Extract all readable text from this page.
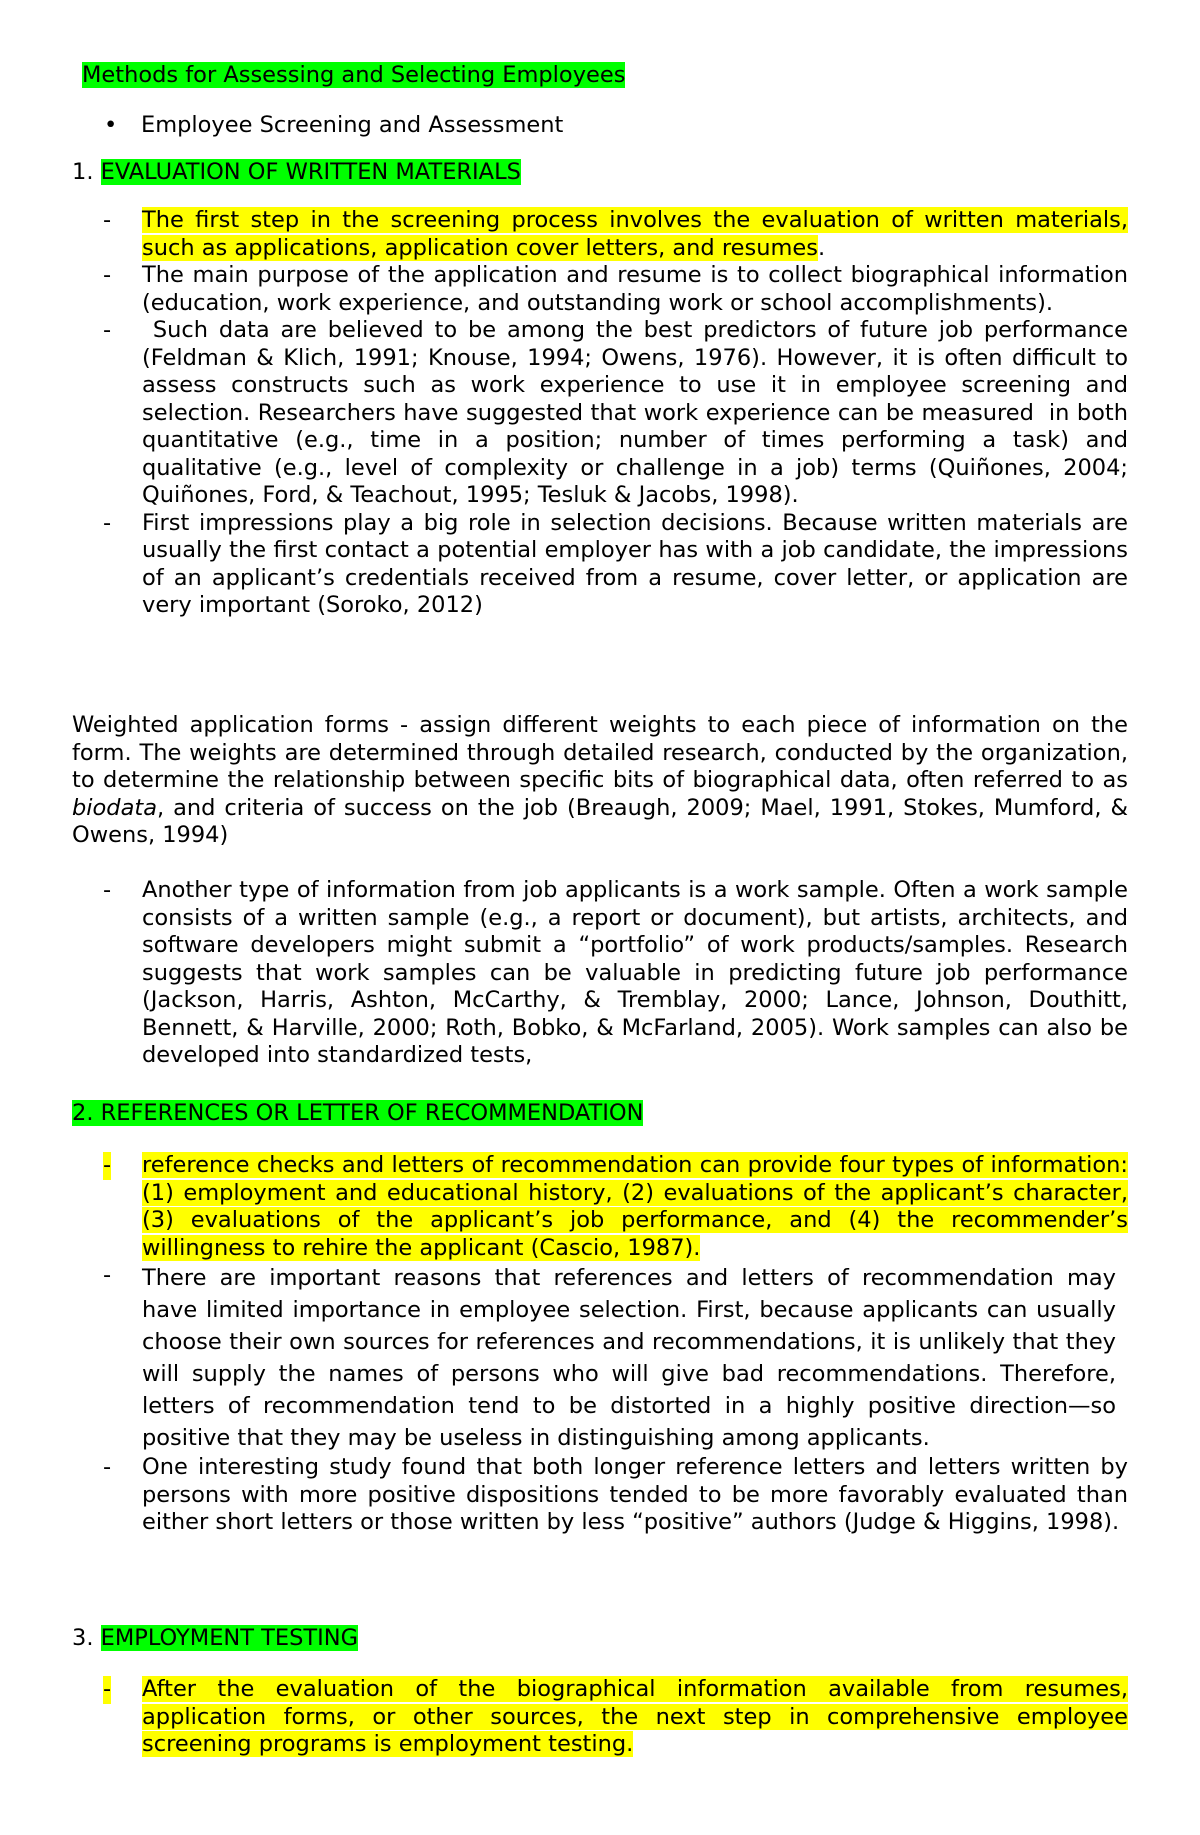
Methods for Assessing and Selecting Employees
• Employee Screening and Assessment
1. EVALUATION OF WRITTEN MATERIALS

- The first step in the screening process involves the evaluation of written materials, such as applications, application cover letters, and resumes.

- The main purpose of the application and resume is to collect biographical information (education, work experience, and outstanding work or school accomplishments).

- Such data are believed to be among the best predictors of future job performance (Feldman & Klich, 1991; Knouse, 1994; Owens, 1976). However, it is often difficult to assess constructs such as work experience to use it in employee screening and selection. Researchers have suggested that work experience can be measured  in both quantitative (e.g., time in a position; number of times performing a task) and qualitative (e.g., level of complexity or challenge in a job) terms (Quiñones, 2004; Quiñones, Ford, & Teachout, 1995; Tesluk & Jacobs, 1998).

- First impressions play a big role in selection decisions. Because written materials are usually the first contact a potential employer has with a job candidate, the impressions of an applicant’s credentials received from a resume, cover letter, or application are very important (Soroko, 2012)

Weighted application forms - assign different weights to each piece of information on the form. The weights are determined through detailed research, conducted by the organization, to determine the relationship between specific bits of biographical data, often referred to as biodata, and criteria of success on the job (Breaugh, 2009; Mael, 1991, Stokes, Mumford, & Owens, 1994)

- Another type of information from job applicants is a work sample. Often a work sample consists of a written sample (e.g., a report or document), but artists, architects, and software developers might submit a “portfolio” of work products/samples. Research suggests that work samples can be valuable in predicting future job performance (Jackson, Harris, Ashton, McCarthy, & Tremblay, 2000; Lance, Johnson, Douthitt, Bennett, & Harville, 2000; Roth, Bobko, & McFarland, 2005). Work samples can also be developed into standardized tests,

2. REFERENCES OR LETTER OF RECOMMENDATION

- reference checks and letters of recommendation can provide four types of information: (1) employment and educational history, (2) evaluations of the applicant’s character, (3) evaluations of the applicant’s job performance, and (4) the recommender’s willingness to rehire the applicant (Cascio, 1987).

- There are important reasons that references and letters of recommendation may have limited importance in employee selection. First, because applicants can usually choose their own sources for references and recommendations, it is unlikely that they will supply the names of persons who will give bad recommendations. Therefore, letters of recommendation tend to be distorted in a highly positive direction—so positive that they may be useless in distinguishing among applicants.

- One interesting study found that both longer reference letters and letters written by persons with more positive dispositions tended to be more favorably evaluated than either short letters or those written by less “positive” authors (Judge & Higgins, 1998).

3. EMPLOYMENT TESTING

- After the evaluation of the biographical information available from resumes, application forms, or other sources, the next step in comprehensive employee screening programs is employment testing.
